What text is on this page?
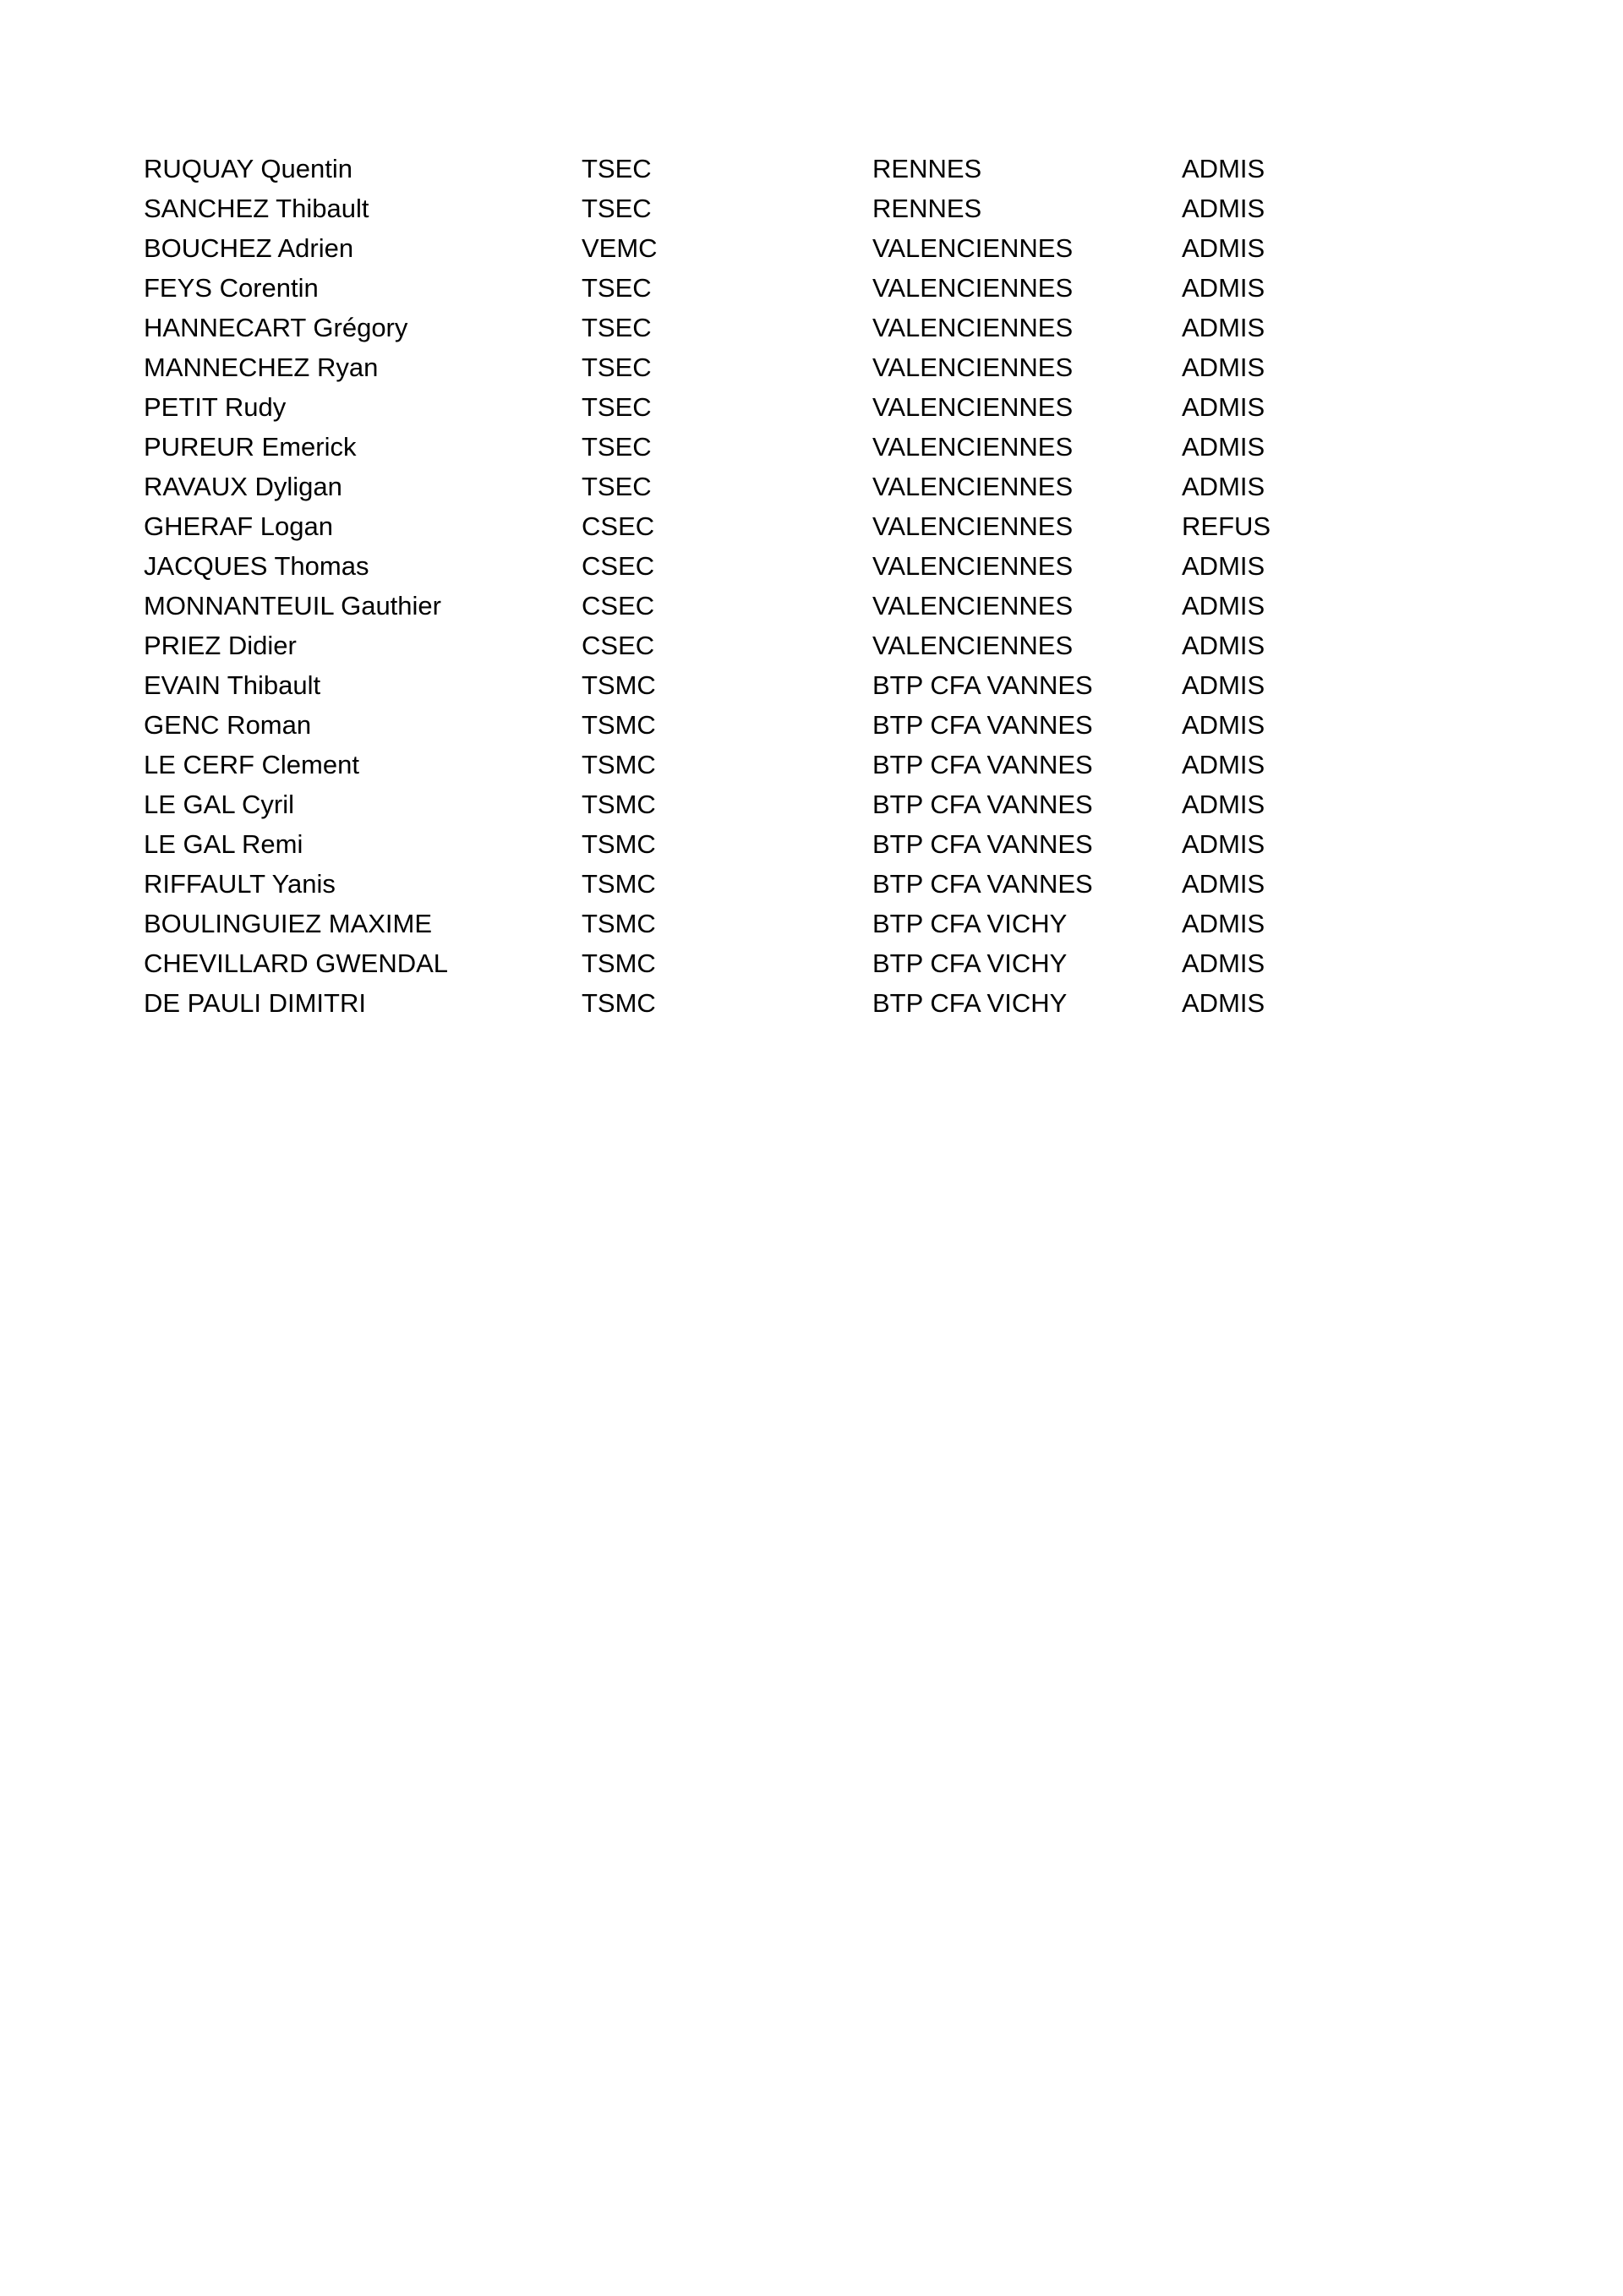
RUQUAY Quentin	TSEC	RENNES	ADMIS
SANCHEZ Thibault	TSEC	RENNES	ADMIS
BOUCHEZ Adrien	VEMC	VALENCIENNES	ADMIS
FEYS Corentin	TSEC	VALENCIENNES	ADMIS
HANNECART Grégory	TSEC	VALENCIENNES	ADMIS
MANNECHEZ Ryan	TSEC	VALENCIENNES	ADMIS
PETIT Rudy	TSEC	VALENCIENNES	ADMIS
PUREUR Emerick	TSEC	VALENCIENNES	ADMIS
RAVAUX Dyligan	TSEC	VALENCIENNES	ADMIS
GHERAF Logan	CSEC	VALENCIENNES	REFUS
JACQUES Thomas	CSEC	VALENCIENNES	ADMIS
MONNANTEUIL Gauthier	CSEC	VALENCIENNES	ADMIS
PRIEZ Didier	CSEC	VALENCIENNES	ADMIS
EVAIN Thibault	TSMC	BTP CFA VANNES	ADMIS
GENC Roman	TSMC	BTP CFA VANNES	ADMIS
LE CERF Clement	TSMC	BTP CFA VANNES	ADMIS
LE GAL Cyril	TSMC	BTP CFA VANNES	ADMIS
LE GAL Remi	TSMC	BTP CFA VANNES	ADMIS
RIFFAULT Yanis	TSMC	BTP CFA VANNES	ADMIS
BOULINGUIEZ MAXIME	TSMC	BTP CFA VICHY	ADMIS
CHEVILLARD GWENDAL	TSMC	BTP CFA VICHY	ADMIS
DE PAULI DIMITRI	TSMC	BTP CFA VICHY	ADMIS
